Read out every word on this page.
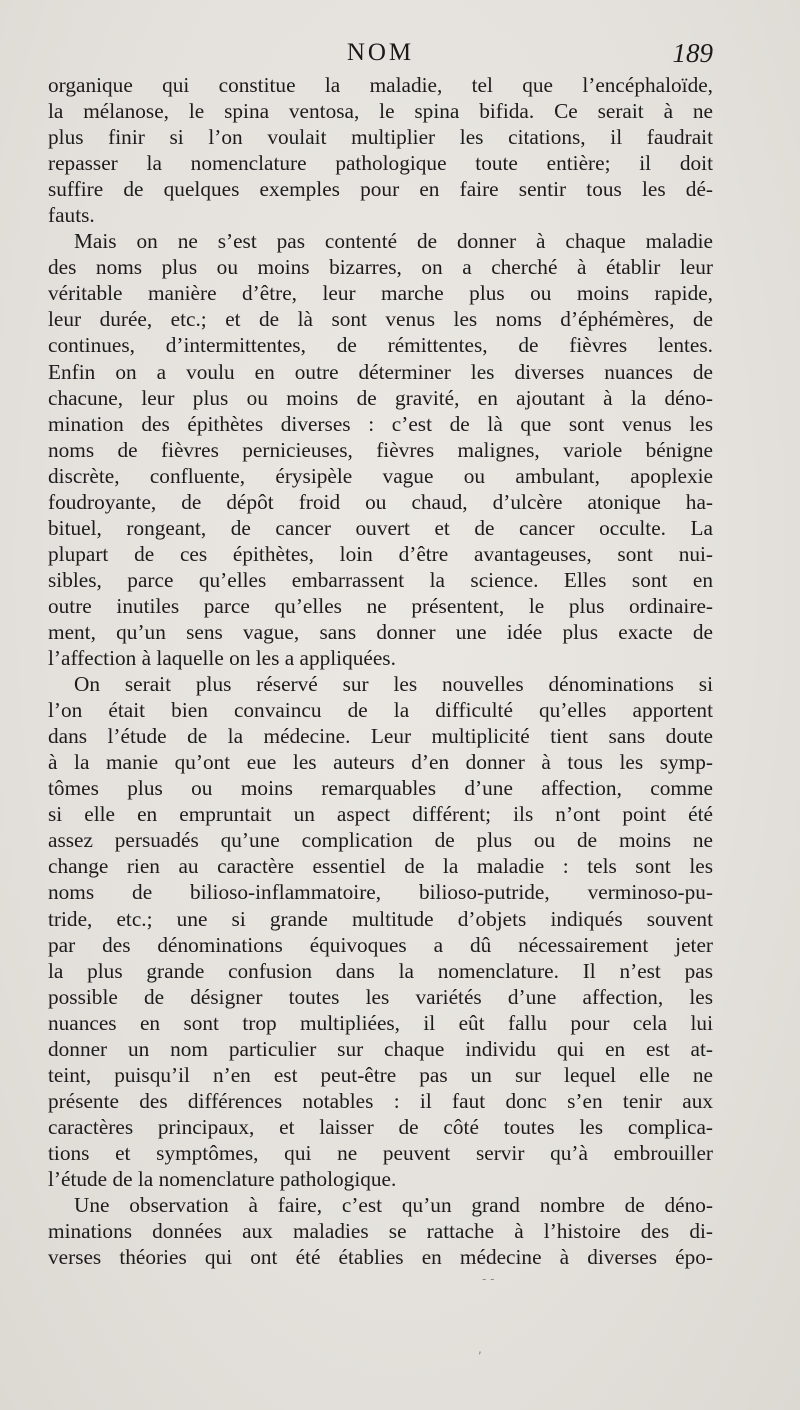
NOM	189

organique qui constitue la maladie, tel que l’encéphaloïde,
la mélanose, le spina ventosa, le spina bifida. Ce serait à ne
plus finir si l’on voulait multiplier les citations, il faudrait
repasser la nomenclature pathologique toute entière; il doit
suffire de quelques exemples pour en faire sentir tous les dé-
fauts.

Mais on ne s’est pas contenté de donner à chaque maladie
des noms plus ou moins bizarres, on a cherché à établir leur
véritable manière d’être, leur marche plus ou moins rapide,
leur durée, etc.; et de là sont venus les noms d’éphémères, de
continues, d’intermittentes, de rémittentes, de fièvres lentes.
Enfin on a voulu en outre déterminer les diverses nuances de
chacune, leur plus ou moins de gravité, en ajoutant à la déno-
mination des épithètes diverses : c’est de là que sont venus les
noms de fièvres pernicieuses, fièvres malignes, variole bénigne
discrète, confluente, érysipèle vague ou ambulant, apoplexie
foudroyante, de dépôt froid ou chaud, d’ulcère atonique ha-
bituel, rongeant, de cancer ouvert et de cancer occulte. La
plupart de ces épithètes, loin d’être avantageuses, sont nui-
sibles, parce qu’elles embarrassent la science. Elles sont en
outre inutiles parce qu’elles ne présentent, le plus ordinaire-
ment, qu’un sens vague, sans donner une idée plus exacte de
l’affection à laquelle on les a appliquées.

On serait plus réservé sur les nouvelles dénominations si
l’on était bien convaincu de la difficulté qu’elles apportent
dans l’étude de la médecine. Leur multiplicité tient sans doute
à la manie qu’ont eue les auteurs d’en donner à tous les symp-
tômes plus ou moins remarquables d’une affection, comme
si elle en empruntait un aspect différent; ils n’ont point été
assez persuadés qu’une complication de plus ou de moins ne
change rien au caractère essentiel de la maladie : tels sont les
noms de bilioso-inflammatoire, bilioso-putride, verminoso-pu-
tride, etc.; une si grande multitude d’objets indiqués souvent
par des dénominations équivoques a dû nécessairement jeter
la plus grande confusion dans la nomenclature. Il n’est pas
possible de désigner toutes les variétés d’une affection, les
nuances en sont trop multipliées, il eût fallu pour cela lui
donner un nom particulier sur chaque individu qui en est at-
teint, puisqu’il n’en est peut-être pas un sur lequel elle ne
présente des différences notables : il faut donc s’en tenir aux
caractères principaux, et laisser de côté toutes les complica-
tions et symptômes, qui ne peuvent servir qu’à embrouiller
l’étude de la nomenclature pathologique.

Une observation à faire, c’est qu’un grand nombre de déno-
minations données aux maladies se rattache à l’histoire des di-
verses théories qui ont été établies en médecine à diverses épo-

- -
,
